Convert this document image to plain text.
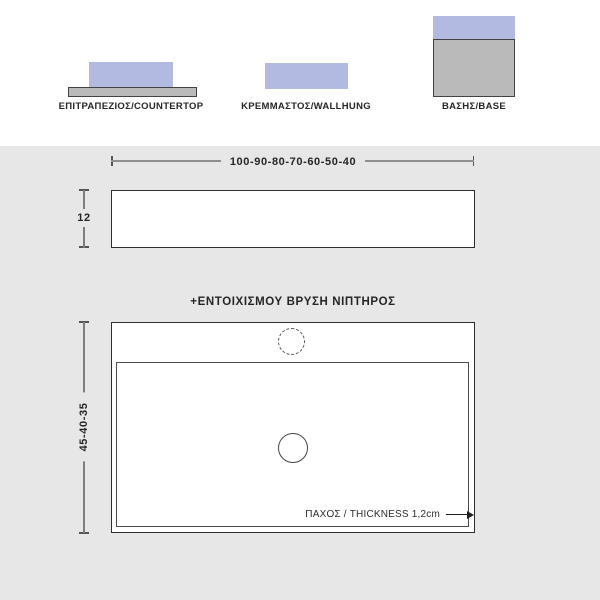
ΕΠΙΤΡΑΠΕΖΙΟΣ/COUNTERTOP	ΚΡΕΜΜΑΣΤΟΣ/WALLHUNG	ΒΑΣΗΣ/BASE
100-90-80-70-60-50-40
12
+ΕΝΤΟΙΧΙΣΜΟΥ ΒΡΥΣΗ ΝΙΠΤΗΡΟΣ
ΠΑΧΟΣ / THICKNESS 1,2cm
45-40-35
